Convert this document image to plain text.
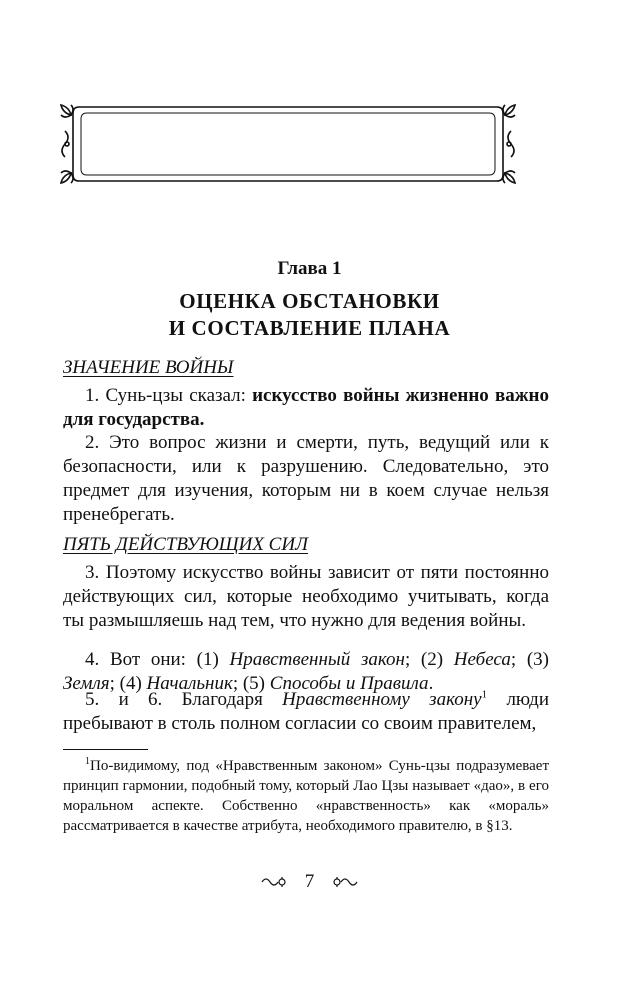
Глава 1
ОЦЕНКА ОБСТАНОВКИ
И СОСТАВЛЕНИЕ ПЛАНА
ЗНАЧЕНИЕ ВОЙНЫ

1. Сунь-цзы сказал: искусство войны жизненно важно для государства.

2. Это вопрос жизни и смерти, путь, ведущий или к безопасности, или к разрушению. Следовательно, это предмет для изучения, которым ни в коем случае нельзя пренебрегать.

ПЯТЬ ДЕЙСТВУЮЩИХ СИЛ

3. Поэтому искусство войны зависит от пяти постоянно действующих сил, которые необходимо учитывать, когда ты размышляешь над тем, что нужно для ведения войны.

4. Вот они: (1) Нравственный закон; (2) Небеса; (3) Земля; (4) Начальник; (5) Способы и Правила.

5. и 6. Благодаря Нравственному закону$^1$ люди пребывают в столь полном согласии со своим правителем,

$^1$По-видимому, под «Нравственным законом» Сунь-цзы подразумевает принцип гармонии, подобный тому, который Лао Цзы называет «дао», в его моральном аспекте. Собственно «нравственность» как «мораль» рассматривается в качестве атрибута, необходимого правителю, в §13.

7
